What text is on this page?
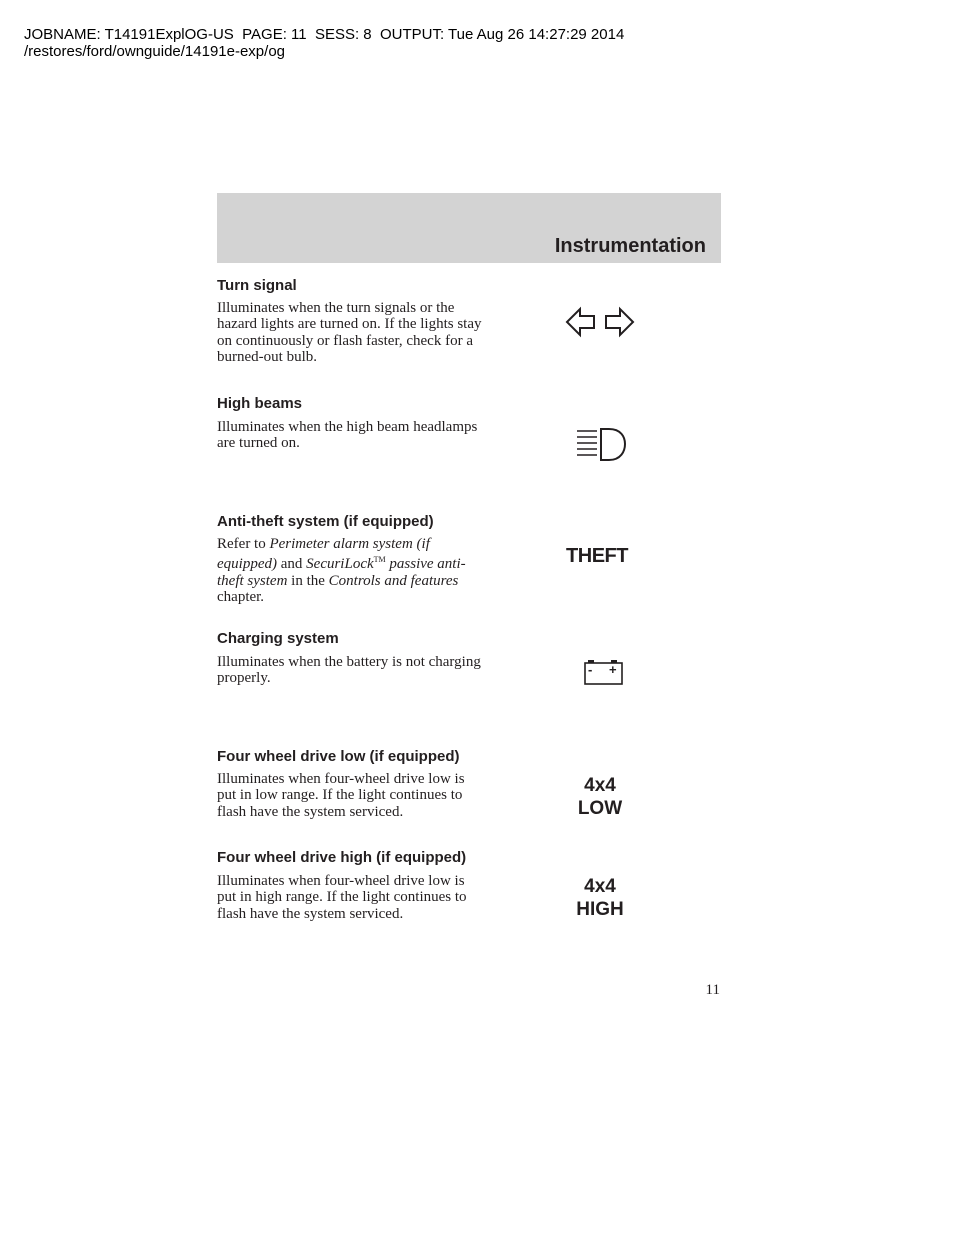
JOBNAME: T14191ExplOG-US  PAGE: 11  SESS: 8  OUTPUT: Tue Aug 26 14:27:29 2014
/restores/ford/ownguide/14191e-exp/og
Instrumentation
Turn signal
Illuminates when the turn signals or the hazard lights are turned on. If the lights stay on continuously or flash faster, check for a burned-out bulb.
High beams
Illuminates when the high beam headlamps are turned on.
Anti-theft system (if equipped)
Refer to Perimeter alarm system (if equipped) and SecuriLock™ passive anti-theft system in the Controls and features chapter.
THEFT
Charging system
Illuminates when the battery is not charging properly.
- +
Four wheel drive low (if equipped)
Illuminates when four-wheel drive low is put in low range. If the light continues to flash have the system serviced.
4x4
LOW
Four wheel drive high (if equipped)
Illuminates when four-wheel drive low is put in high range. If the light continues to flash have the system serviced.
4x4
HIGH
11
